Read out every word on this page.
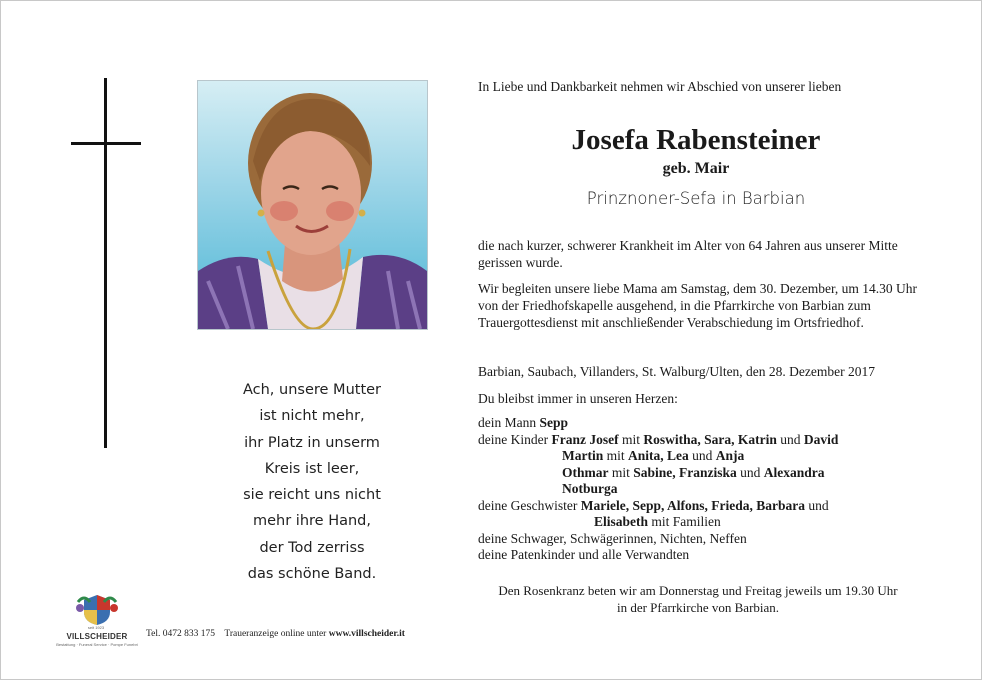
Ach, unsere Mutter
ist nicht mehr,
ihr Platz in unserm
Kreis ist leer,
sie reicht uns nicht
mehr ihre Hand,
der Tod zerriss
das schöne Band.
In Liebe und Dankbarkeit nehmen wir Abschied von unserer lieben
Josefa Rabensteiner
geb. Mair
Prinznoner-Sefa in Barbian

die nach kurzer, schwerer Krankheit im Alter von 64 Jahren aus unserer Mitte gerissen wurde.

Wir begleiten unsere liebe Mama am Samstag, dem 30. Dezember, um 14.30 Uhr von der Friedhofskapelle ausgehend, in die Pfarrkirche von Barbian zum Trauergottesdienst mit anschließender Verabschiedung im Ortsfriedhof.

Barbian, Saubach, Villanders, St. Walburg/Ulten, den 28. Dezember 2017
Du bleibst immer in unseren Herzen:
dein Mann Sepp
deine Kinder Franz Josef mit Roswitha, Sara, Katrin und David
Martin mit Anita, Lea und Anja
Othmar mit Sabine, Franziska und Alexandra
Notburga
deine Geschwister Mariele, Sepp, Alfons, Frieda, Barbara und
Elisabeth mit Familien
deine Schwager, Schwägerinnen, Nichten, Neffen
deine Patenkinder und alle Verwandten
Den Rosenkranz beten wir am Donnerstag und Freitag jeweils um 19.30 Uhr
in der Pfarrkirche von Barbian.
seit 1923
VILLSCHEIDER
Bestattung · Funeral Service · Pompe Funebri
Tel. 0472 833 175 Traueranzeige online unter www.villscheider.it
